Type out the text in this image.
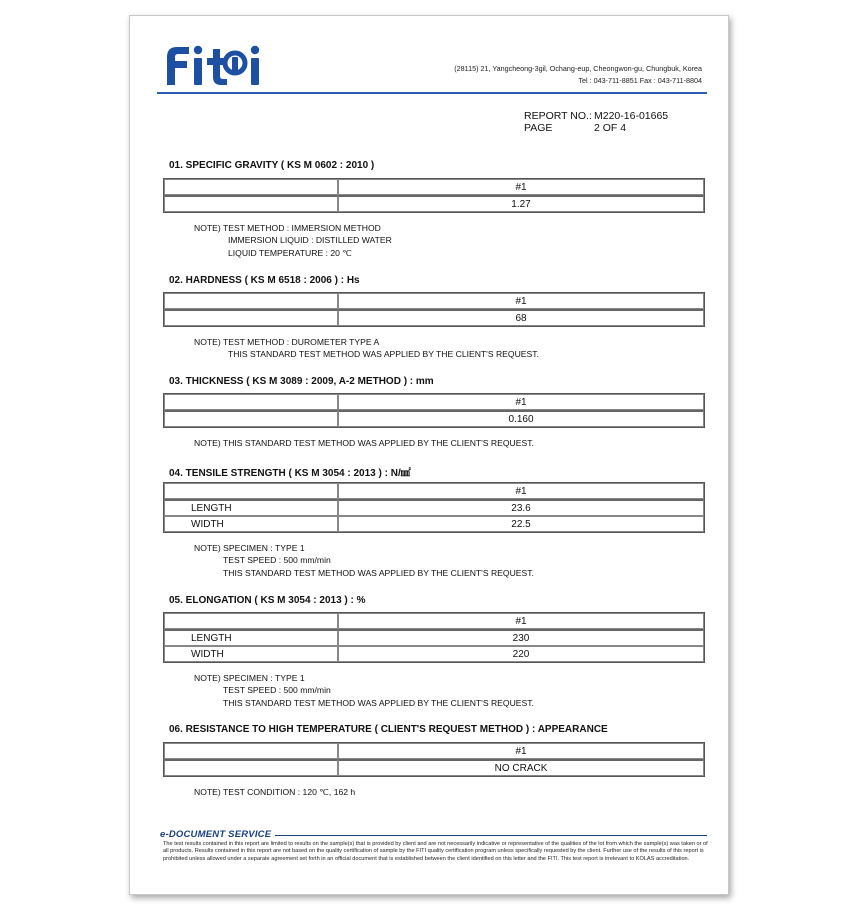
(28115) 21, Yangcheong-3gil, Ochang-eup, Cheongwon-gu, Chungbuk, Korea
Tel : 043-711-8851 Fax : 043-711-8804
REPORT NO.: M220-16-01665
PAGE	2 OF 4
01. SPECIFIC GRAVITY ( KS M 0602 : 2010 )
	#1
	1.27
NOTE) TEST METHOD : IMMERSION METHOD
IMMERSION LIQUID : DISTILLED WATER
LIQUID TEMPERATURE : 20 ℃
02. HARDNESS ( KS M 6518 : 2006 ) : Hs
	#1
	68
NOTE) TEST METHOD : DUROMETER TYPE A
THIS STANDARD TEST METHOD WAS APPLIED BY THE CLIENT'S REQUEST.
03. THICKNESS ( KS M 3089 : 2009, A-2 METHOD ) : mm
	#1
	0.160
NOTE) THIS STANDARD TEST METHOD WAS APPLIED BY THE CLIENT'S REQUEST.
04. TENSILE STRENGTH ( KS M 3054 : 2013 ) : N/㎟
	#1
LENGTH	23.6
WIDTH	22.5
NOTE) SPECIMEN : TYPE 1
TEST SPEED : 500 mm/min
THIS STANDARD TEST METHOD WAS APPLIED BY THE CLIENT'S REQUEST.
05. ELONGATION ( KS M 3054 : 2013 ) : %
	#1
LENGTH	230
WIDTH	220
NOTE) SPECIMEN : TYPE 1
TEST SPEED : 500 mm/min
THIS STANDARD TEST METHOD WAS APPLIED BY THE CLIENT'S REQUEST.
06. RESISTANCE TO HIGH TEMPERATURE ( CLIENT'S REQUEST METHOD ) : APPEARANCE
	#1
	NO CRACK
NOTE) TEST CONDITION : 120 ℃, 162 h
e-DOCUMENT SERVICE
The test results contained in this report are limited to results on the sample(s) that is provided by client and are not necessarily indicative or representative of the qualities of the lot from which the sample(s) was taken or of all products. Results contained in this report are not based on the quality certification of sample by the FITI quality certification program unless specifically requested by the client. Further use of the results of this report is prohibited unless allowed under a separate agreement set forth in an official document that is established between the client identified on this letter and the FITI. This test report is irrelevant to KOLAS accreditation.
